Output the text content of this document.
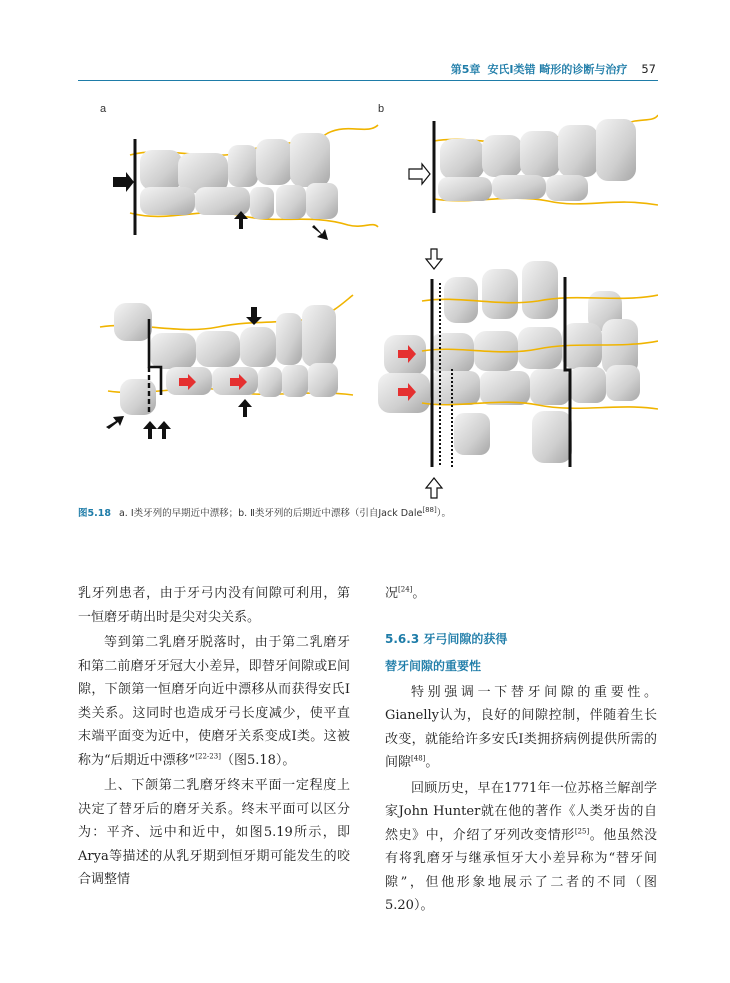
第5章 安氏Ⅰ类错 畸形的诊断与治疗 57
a	b
图5.18 a. Ⅰ类牙列的早期近中漂移；b. Ⅱ类牙列的后期近中漂移（引自Jack Dale[88]）。

乳牙列患者，由于牙弓内没有间隙可利用，第一恒磨牙萌出时是尖对尖关系。

等到第二乳磨牙脱落时，由于第二乳磨牙和第二前磨牙牙冠大小差异，即替牙间隙或E间隙，下颌第一恒磨牙向近中漂移从而获得安氏Ⅰ类关系。这同时也造成牙弓长度减少，使平直末端平面变为近中，使磨牙关系变成Ⅰ类。这被称为“后期近中漂移”[22-23]（图5.18）。

上、下颌第二乳磨牙终末平面一定程度上决定了替牙后的磨牙关系。终末平面可以区分为：平齐、远中和近中，如图5.19所示，即Arya等描述的从乳牙期到恒牙期可能发生的咬合调整情

况[24]。

5.6.3 牙弓间隙的获得

替牙间隙的重要性

特别强调一下替牙间隙的重要性。Gianelly认为，良好的间隙控制，伴随着生长改变，就能给许多安氏Ⅰ类拥挤病例提供所需的间隙[48]。

回顾历史，早在1771年一位苏格兰解剖学家John Hunter就在他的著作《人类牙齿的自然史》中，介绍了牙列改变情形[25]。他虽然没有将乳磨牙与继承恒牙大小差异称为“替牙间隙”，但他形象地展示了二者的不同（图5.20）。
